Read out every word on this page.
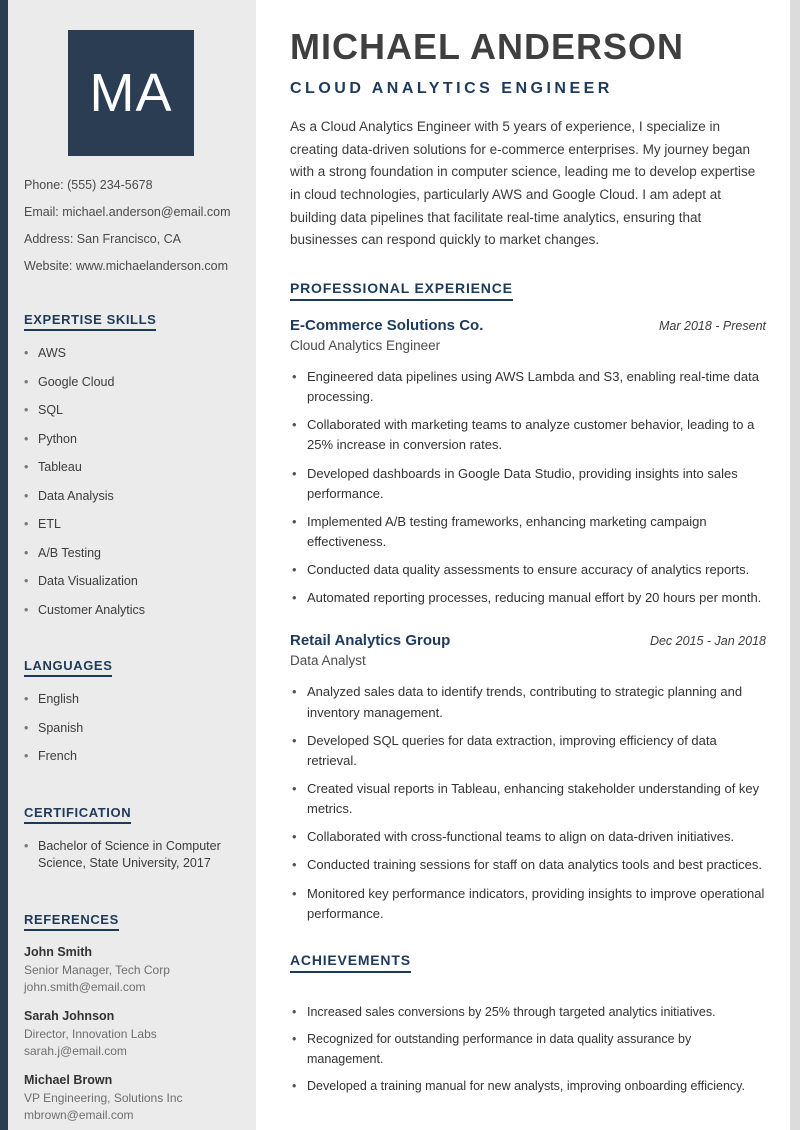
MA

Phone: (555) 234-5678

Email: michael.anderson@email.com

Address: San Francisco, CA

Website: www.michaelanderson.com

EXPERTISE SKILLS
• AWS
• Google Cloud
• SQL
• Python
• Tableau
• Data Analysis
• ETL
• A/B Testing
• Data Visualization
• Customer Analytics
LANGUAGES
• English
• Spanish
• French
CERTIFICATION
• Bachelor of Science in Computer Science, State University, 2017
REFERENCES

John Smith

Senior Manager, Tech Corp

john.smith@email.com

Sarah Johnson

Director, Innovation Labs

sarah.j@email.com

Michael Brown

VP Engineering, Solutions Inc

mbrown@email.com

MICHAEL ANDERSON
CLOUD ANALYTICS ENGINEER

As a Cloud Analytics Engineer with 5 years of experience, I specialize in creating data-driven solutions for e-commerce enterprises. My journey began with a strong foundation in computer science, leading me to develop expertise in cloud technologies, particularly AWS and Google Cloud. I am adept at building data pipelines that facilitate real-time analytics, ensuring that businesses can respond quickly to market changes.

PROFESSIONAL EXPERIENCE
E-Commerce Solutions Co.	Mar 2018 - Present
Cloud Analytics Engineer
• Engineered data pipelines using AWS Lambda and S3, enabling real-time data processing.
• Collaborated with marketing teams to analyze customer behavior, leading to a 25% increase in conversion rates.
• Developed dashboards in Google Data Studio, providing insights into sales performance.
• Implemented A/B testing frameworks, enhancing marketing campaign effectiveness.
• Conducted data quality assessments to ensure accuracy of analytics reports.
• Automated reporting processes, reducing manual effort by 20 hours per month.
Retail Analytics Group	Dec 2015 - Jan 2018
Data Analyst
• Analyzed sales data to identify trends, contributing to strategic planning and inventory management.
• Developed SQL queries for data extraction, improving efficiency of data retrieval.
• Created visual reports in Tableau, enhancing stakeholder understanding of key metrics.
• Collaborated with cross-functional teams to align on data-driven initiatives.
• Conducted training sessions for staff on data analytics tools and best practices.
• Monitored key performance indicators, providing insights to improve operational performance.
ACHIEVEMENTS
• Increased sales conversions by 25% through targeted analytics initiatives.
• Recognized for outstanding performance in data quality assurance by management.
• Developed a training manual for new analysts, improving onboarding efficiency.
